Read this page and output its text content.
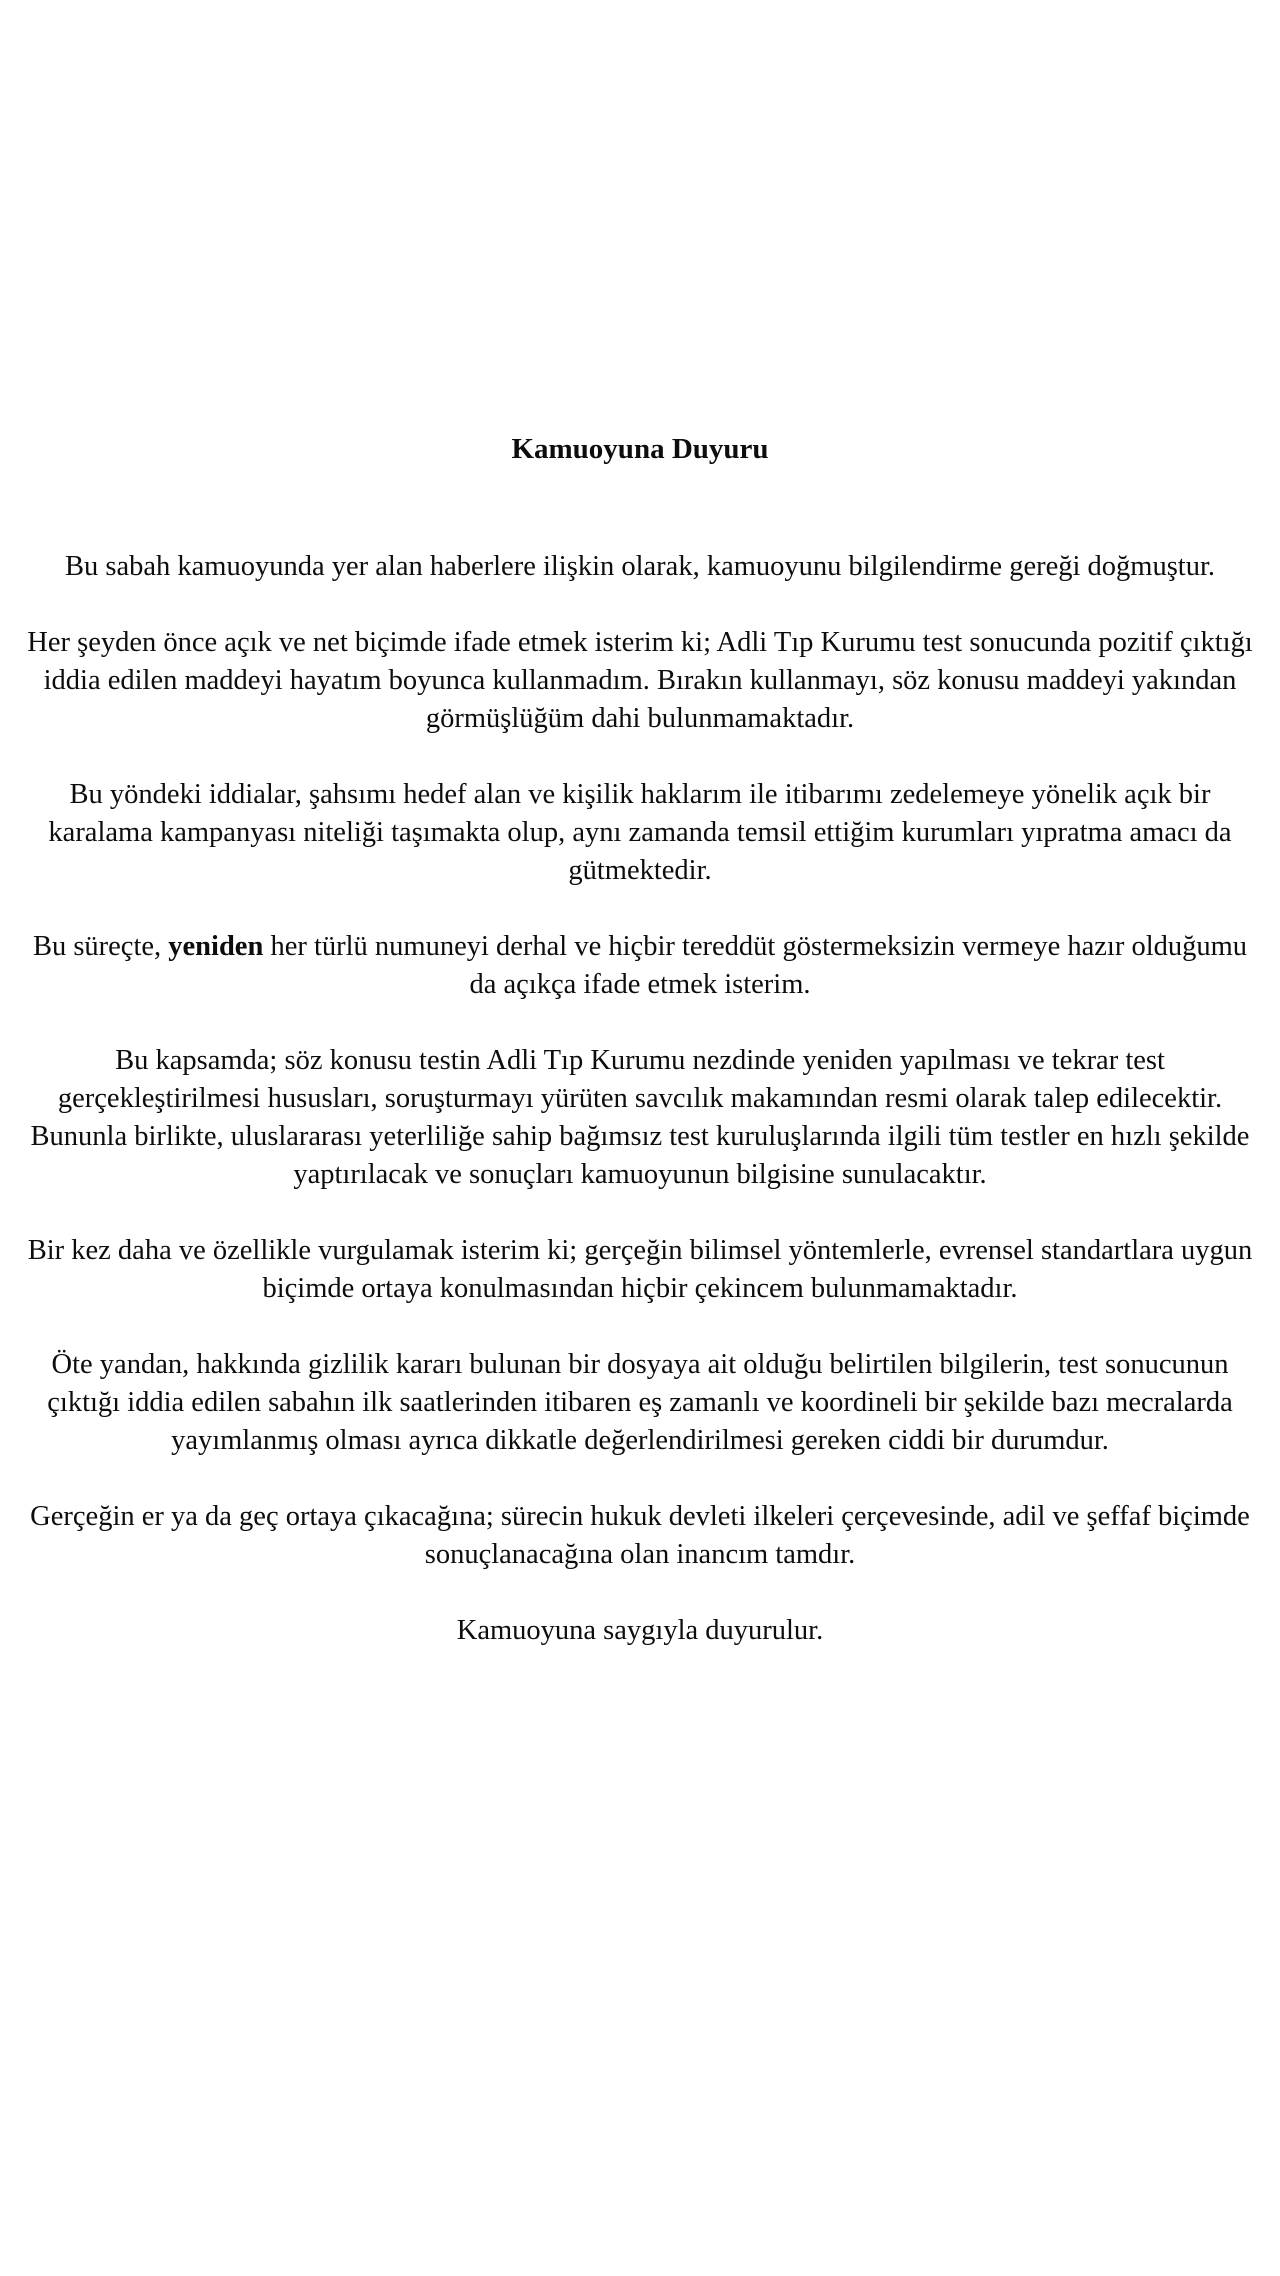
Kamuoyuna Duyuru

Bu sabah kamuoyunda yer alan haberlere ilişkin olarak, kamuoyunu bilgilendirme gereği doğmuştur.

Her şeyden önce açık ve net biçimde ifade etmek isterim ki; Adli Tıp Kurumu test sonucunda pozitif çıktığı iddia edilen maddeyi hayatım boyunca kullanmadım. Bırakın kullanmayı, söz konusu maddeyi yakından görmüşlüğüm dahi bulunmamaktadır.

Bu yöndeki iddialar, şahsımı hedef alan ve kişilik haklarım ile itibarımı zedelemeye yönelik açık bir karalama kampanyası niteliği taşımakta olup, aynı zamanda temsil ettiğim kurumları yıpratma amacı da gütmektedir.

Bu süreçte, yeniden her türlü numuneyi derhal ve hiçbir tereddüt göstermeksizin vermeye hazır olduğumu da açıkça ifade etmek isterim.

Bu kapsamda; söz konusu testin Adli Tıp Kurumu nezdinde yeniden yapılması ve tekrar test gerçekleştirilmesi hususları, soruşturmayı yürüten savcılık makamından resmi olarak talep edilecektir.

Bununla birlikte, uluslararası yeterliliğe sahip bağımsız test kuruluşlarında ilgili tüm testler en hızlı şekilde yaptırılacak ve sonuçları kamuoyunun bilgisine sunulacaktır.

Bir kez daha ve özellikle vurgulamak isterim ki; gerçeğin bilimsel yöntemlerle, evrensel standartlara uygun biçimde ortaya konulmasından hiçbir çekincem bulunmamaktadır.

Öte yandan, hakkında gizlilik kararı bulunan bir dosyaya ait olduğu belirtilen bilgilerin, test sonucunun çıktığı iddia edilen sabahın ilk saatlerinden itibaren eş zamanlı ve koordineli bir şekilde bazı mecralarda yayımlanmış olması ayrıca dikkatle değerlendirilmesi gereken ciddi bir durumdur.

Gerçeğin er ya da geç ortaya çıkacağına; sürecin hukuk devleti ilkeleri çerçevesinde, adil ve şeffaf biçimde sonuçlanacağına olan inancım tamdır.

Kamuoyuna saygıyla duyurulur.
